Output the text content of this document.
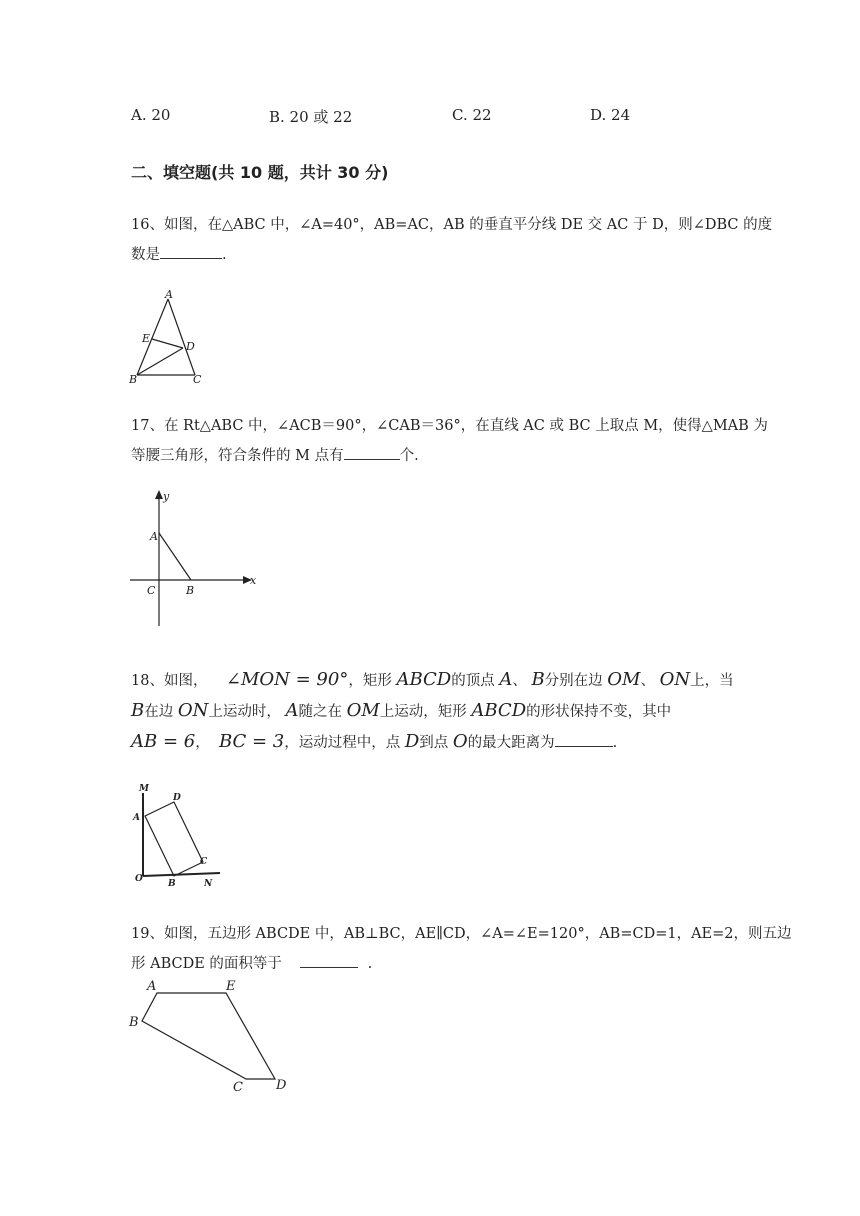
A. 20	B. 20 或 22	C. 22	D. 24
二、填空题(共 10 题，共计 30 分)
16、如图，在△ABC 中，∠A=40°，AB=AC，AB 的垂直平分线 DE 交 AC 于 D，则∠DBC 的度
数是	.
A
E
D
B	C
17、在 Rt△ABC 中，∠ACB＝90°，∠CAB＝36°，在直线 AC 或 BC 上取点 M，使得△MAB 为
等腰三角形，符合条件的 M 点有	个.
y
A
C	B
x
18、如图， ∠MON = 90°，矩形 ABCD的顶点 A、 B分别在边 OM、 ON上，当
B在边 ON上运动时， A随之在 OM上运动，矩形 ABCD的形状保持不变，其中
AB = 6， BC = 3，运动过程中，点 D到点 O的最大距离为	.
M
D
A
C
O	B	N
19、如图，五边形 ABCDE 中，AB⊥BC，AE∥CD，∠A=∠E=120°，AB=CD=1，AE=2，则五边
形 ABCDE 的面积等于	.
A	E
B
C	D
